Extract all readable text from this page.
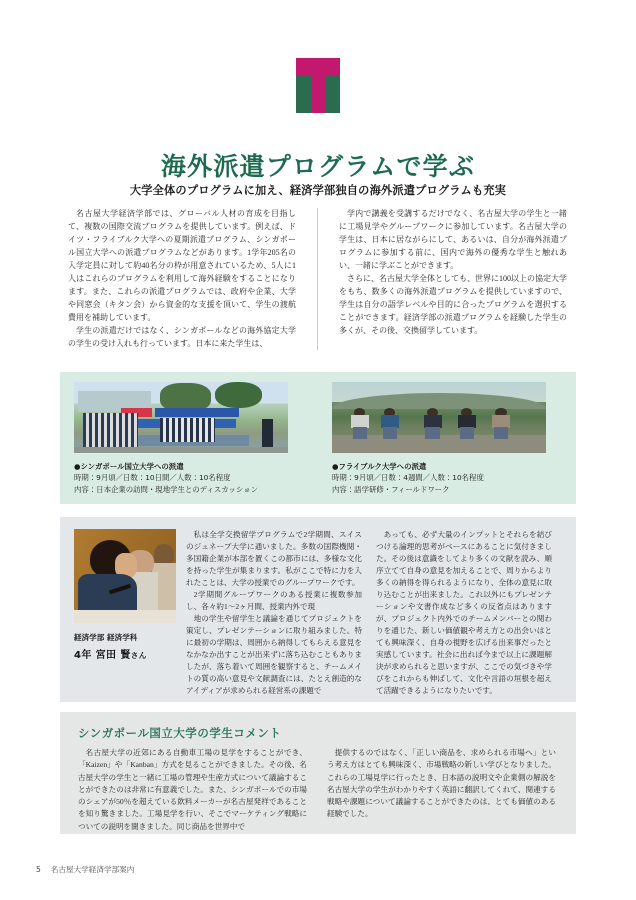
海外派遣プログラムで学ぶ
大学全体のプログラムに加え、経済学部独自の海外派遣プログラムも充実

名古屋大学経済学部では、グローバル人材の育成を目指して、複数の国際交流プログラムを提供しています。例えば、ドイツ・フライブルク大学への夏期派遣プログラム、シンガポール国立大学への派遣プログラムなどがあります。1学年205名の入学定員に対して約40名分の枠が用意されているため、5人に1人はこれらのプログラムを利用して海外経験をすることになります。また、これらの派遣プログラムでは、政府や企業、大学や同窓会（キタン会）から資金的な支援を頂いて、学生の渡航費用を補助しています。

学生の派遣だけではなく、シンガポールなどの海外協定大学の学生の受け入れも行っています。日本に来た学生は、

学内で講義を受講するだけでなく、名古屋大学の学生と一緒に工場見学やグループワークに参加しています。名古屋大学の学生は、日本に居ながらにして、あるいは、自分が海外派遣プログラムに参加する前に、国内で海外の優秀な学生と触れあい、一緒に学ぶことができます。

さらに、名古屋大学全体としても、世界に100以上の協定大学をもち、数多くの海外派遣プログラムを提供していますので、学生は自分の語学レベルや目的に合ったプログラムを選択することができます。経済学部の派遣プログラムを経験した学生の多くが、その後、交換留学しています。

●シンガポール国立大学への派遣
時期：9月頃／日数：10日間／人数：10名程度
内容：日本企業の訪問・現地学生とのディスカッション
●フライブルク大学への派遣
時期：9月頃／日数：4週間／人数：10名程度
内容：語学研修・フィールドワーク
経済学部 経済学科
4年 宮田 賢さん

私は全学交換留学プログラムで2学期間、スイスのジュネーブ大学に通いました。多数の国際機関・多国籍企業が本部を置くこの都市には、多様な文化を持った学生が集まります。私がここで特に力を入れたことは、大学の授業でのグループワークです。

2学期間グループワークのある授業に複数参加し、各々約1～2ヶ月間、授業内外で現

地の学生や留学生と議論を通じてプロジェクトを策定し、プレゼンテーションに取り組みました。特に最初の学期は、周囲から納得してもらえる意見をなかなか出すことが出来ずに落ち込むこともありましたが、落ち着いて周囲を観察すると、チームメイトの質の高い意見や文献調査には、たとえ創造的なアイディアが求められる経営系の課題で

あっても、必ず大量のインプットとそれらを結びつける論理的思考がベースにあることに気付きました。その後は意識をしてより多くの文献を読み、順序立てて自身の意見を加えることで、周りからより多くの納得を得られるようになり、全体の意見に取り込むことが出来ました。これ以外にもプレゼンテーションや文書作成など多くの反省点はありますが、プロジェクト内外でのチームメンバーとの関わりを通じた、新しい価値観や考え方との出会いはとても興味深く、自身の視野を広げる出来事だったと実感しています。社会に出れば今まで以上に課題解決が求められると思いますが、ここでの気づきや学びをこれからも伸ばして、文化や言語の垣根を超えて活躍できるようになりたいです。

シンガポール国立大学の学生コメント

名古屋大学の近郊にある自動車工場の見学をすることができ、「Kaizen」や「Kanban」方式を見ることができました。その後、名古屋大学の学生と一緒に工場の管理や生産方式について議論することができたのは非常に有意義でした。また、シンガポールでの市場のシェアが50％を超えている飲料メーカーが名古屋発祥であることを知り驚きました。工場見学を行い、そこでマーケティング戦略についての説明を聞きました。同じ商品を世界中で

提供するのではなく、「正しい商品を、求められる市場へ」という考え方はとても興味深く、市場戦略の新しい学びとなりました。これらの工場見学に行ったとき、日本語の説明文や企業側の解説を名古屋大学の学生がわかりやすく英語に翻訳してくれて、関連する戦略や課題について議論することができたのは、とても価値のある経験でした。

5 名古屋大学経済学部案内
